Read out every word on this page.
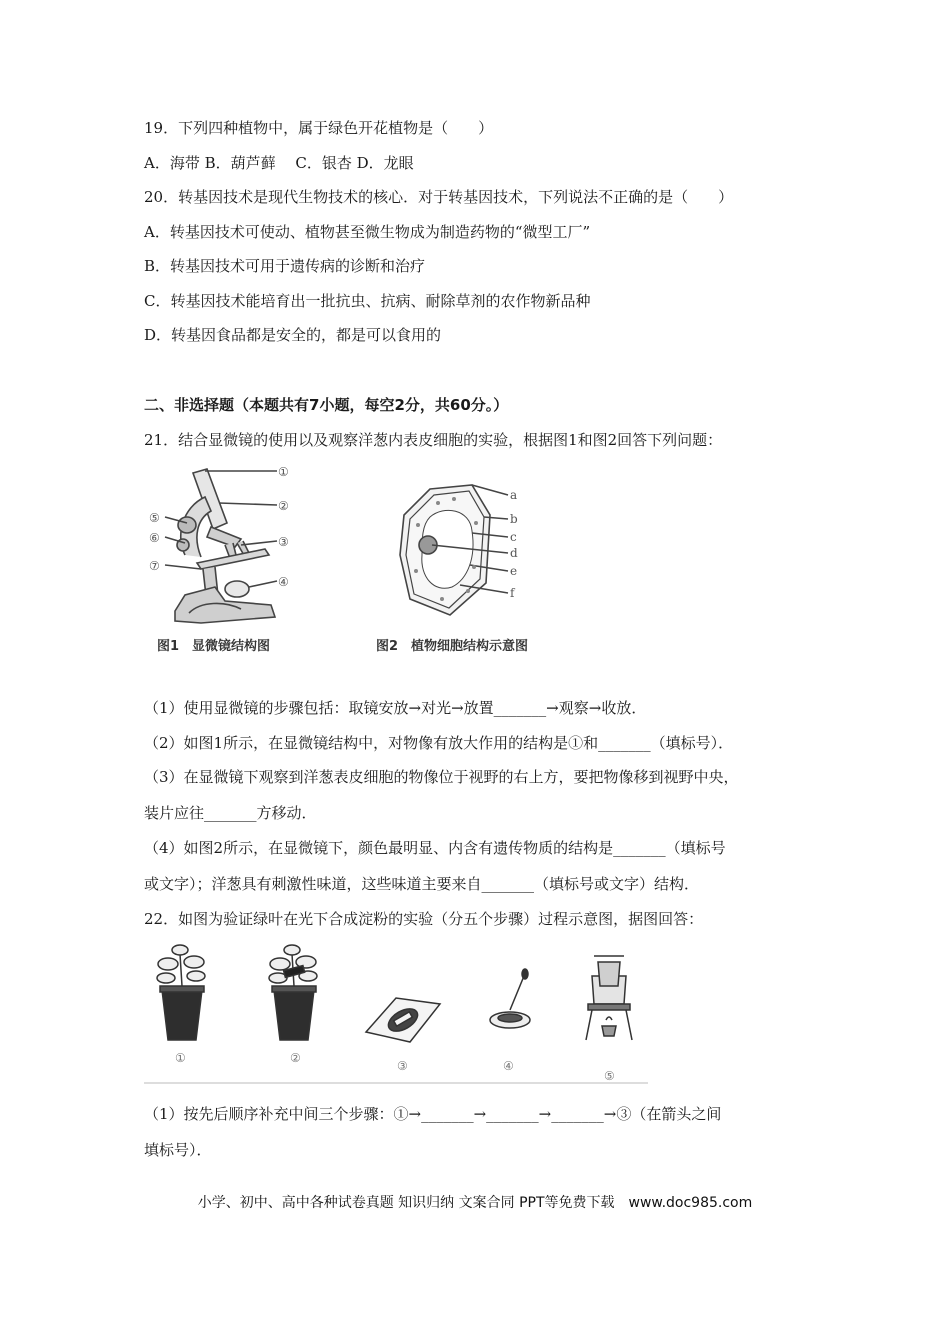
19．下列四种植物中，属于绿色开花植物是（　　）
A．海带 B．葫芦藓　 C．银杏 D．龙眼
20．转基因技术是现代生物技术的核心．对于转基因技术，下列说法不正确的是（　　）
A．转基因技术可使动、植物甚至微生物成为制造药物的“微型工厂”
B．转基因技术可用于遗传病的诊断和治疗
C．转基因技术能培育出一批抗虫、抗病、耐除草剂的农作物新品种
D．转基因食品都是安全的，都是可以食用的
二、非选择题（本题共有7小题，每空2分，共60分。）
21．结合显微镜的使用以及观察洋葱内表皮细胞的实验，根据图1和图2回答下列问题：
①
②
③
④
⑤
⑥
⑦
图1　显微镜结构图
a
b
c
d
e
f
图2　植物细胞结构示意图
（1）使用显微镜的步骤包括：取镜安放→对光→放置_______→观察→收放．
（2）如图1所示，在显微镜结构中，对物像有放大作用的结构是①和_______（填标号）．
（3）在显微镜下观察到洋葱表皮细胞的物像位于视野的右上方，要把物像移到视野中央，
装片应往_______方移动．
（4）如图2所示，在显微镜下，颜色最明显、内含有遗传物质的结构是_______（填标号
或文字）；洋葱具有刺激性味道，这些味道主要来自_______（填标号或文字）结构．
22．如图为验证绿叶在光下合成淀粉的实验（分五个步骤）过程示意图，据图回答：
①	②
③	④
⑤
（1）按先后顺序补充中间三个步骤：①→_______→_______→_______→③（在箭头之间
填标号）．
小学、初中、高中各种试卷真题 知识归纳 文案合同 PPT等免费下载　www.doc985.com
